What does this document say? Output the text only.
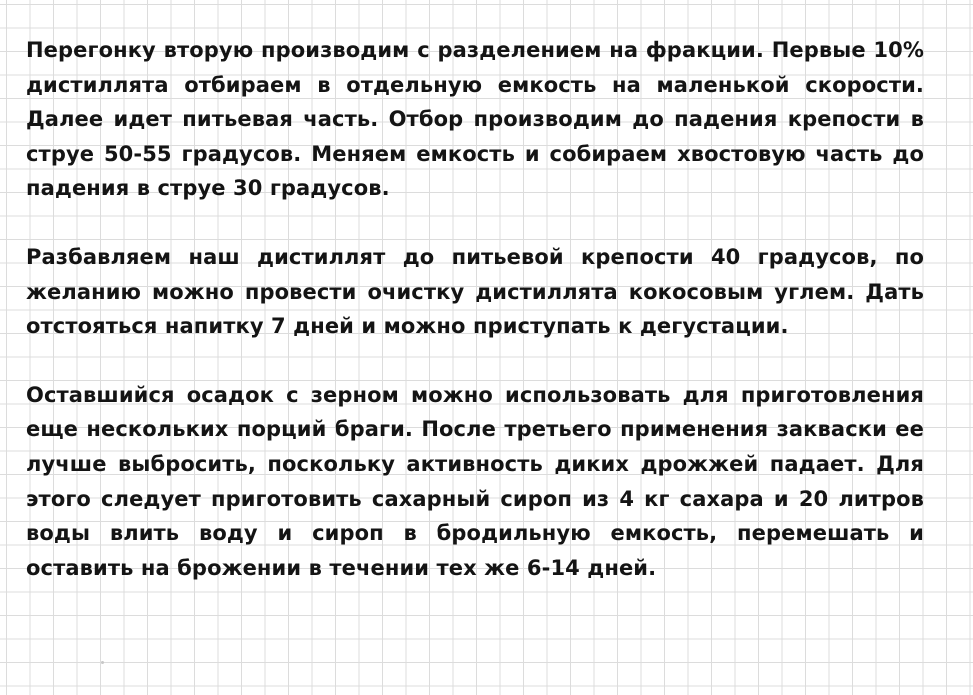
Перегонку вторую производим с разделением на фракции. Первые 10% дистиллята отбираем в отдельную емкость на маленькой скорости. Далее идет питьевая часть. Отбор производим до падения крепости в струе 50-55 градусов. Меняем емкость и собираем хвостовую часть до падения в струе 30 градусов.

Разбавляем наш дистиллят до питьевой крепости 40 градусов, по желанию можно провести очистку дистиллята кокосовым углем. Дать отстояться напитку 7 дней и можно приступать к дегустации.

Оставшийся осадок с зерном можно использовать для приготовления еще нескольких порций браги. После третьего применения закваски ее лучше выбросить, поскольку активность диких дрожжей падает. Для этого следует приготовить сахарный сироп из 4 кг сахара и 20 литров воды влить воду и сироп в бродильную емкость, перемешать и оставить на брожении в течении тех же 6-14 дней.
